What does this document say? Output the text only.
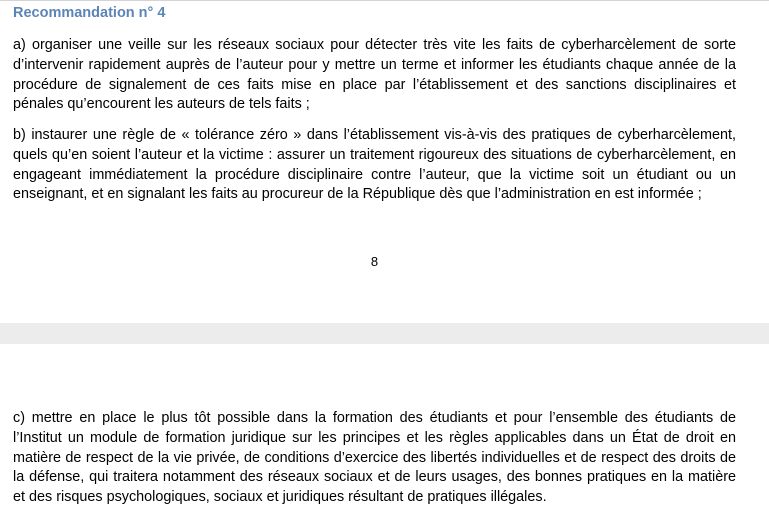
Recommandation n° 4

a) organiser une veille sur les réseaux sociaux pour détecter très vite les faits de cyberharcèlement de sorte d’intervenir rapidement auprès de l’auteur pour y mettre un terme et informer les étudiants chaque année de la procédure de signalement de ces faits mise en place par l’établissement et des sanctions disciplinaires et pénales qu’encourent les auteurs de tels faits ;

b) instaurer une règle de « tolérance zéro » dans l’établissement vis-à-vis des pratiques de cyberharcèlement, quels qu’en soient l’auteur et la victime : assurer un traitement rigoureux des situations de cyberharcèlement, en engageant immédiatement la procédure disciplinaire contre l’auteur, que la victime soit un étudiant ou un enseignant, et en signalant les faits au procureur de la République dès que l’administration en est informée ;

8

c) mettre en place le plus tôt possible dans la formation des étudiants et pour l’ensemble des étudiants de l’Institut un module de formation juridique sur les principes et les règles applicables dans un État de droit en matière de respect de la vie privée, de conditions d’exercice des libertés individuelles et de respect des droits de la défense, qui traitera notamment des réseaux sociaux et de leurs usages, des bonnes pratiques en la matière et des risques psychologiques, sociaux et juridiques résultant de pratiques illégales.
